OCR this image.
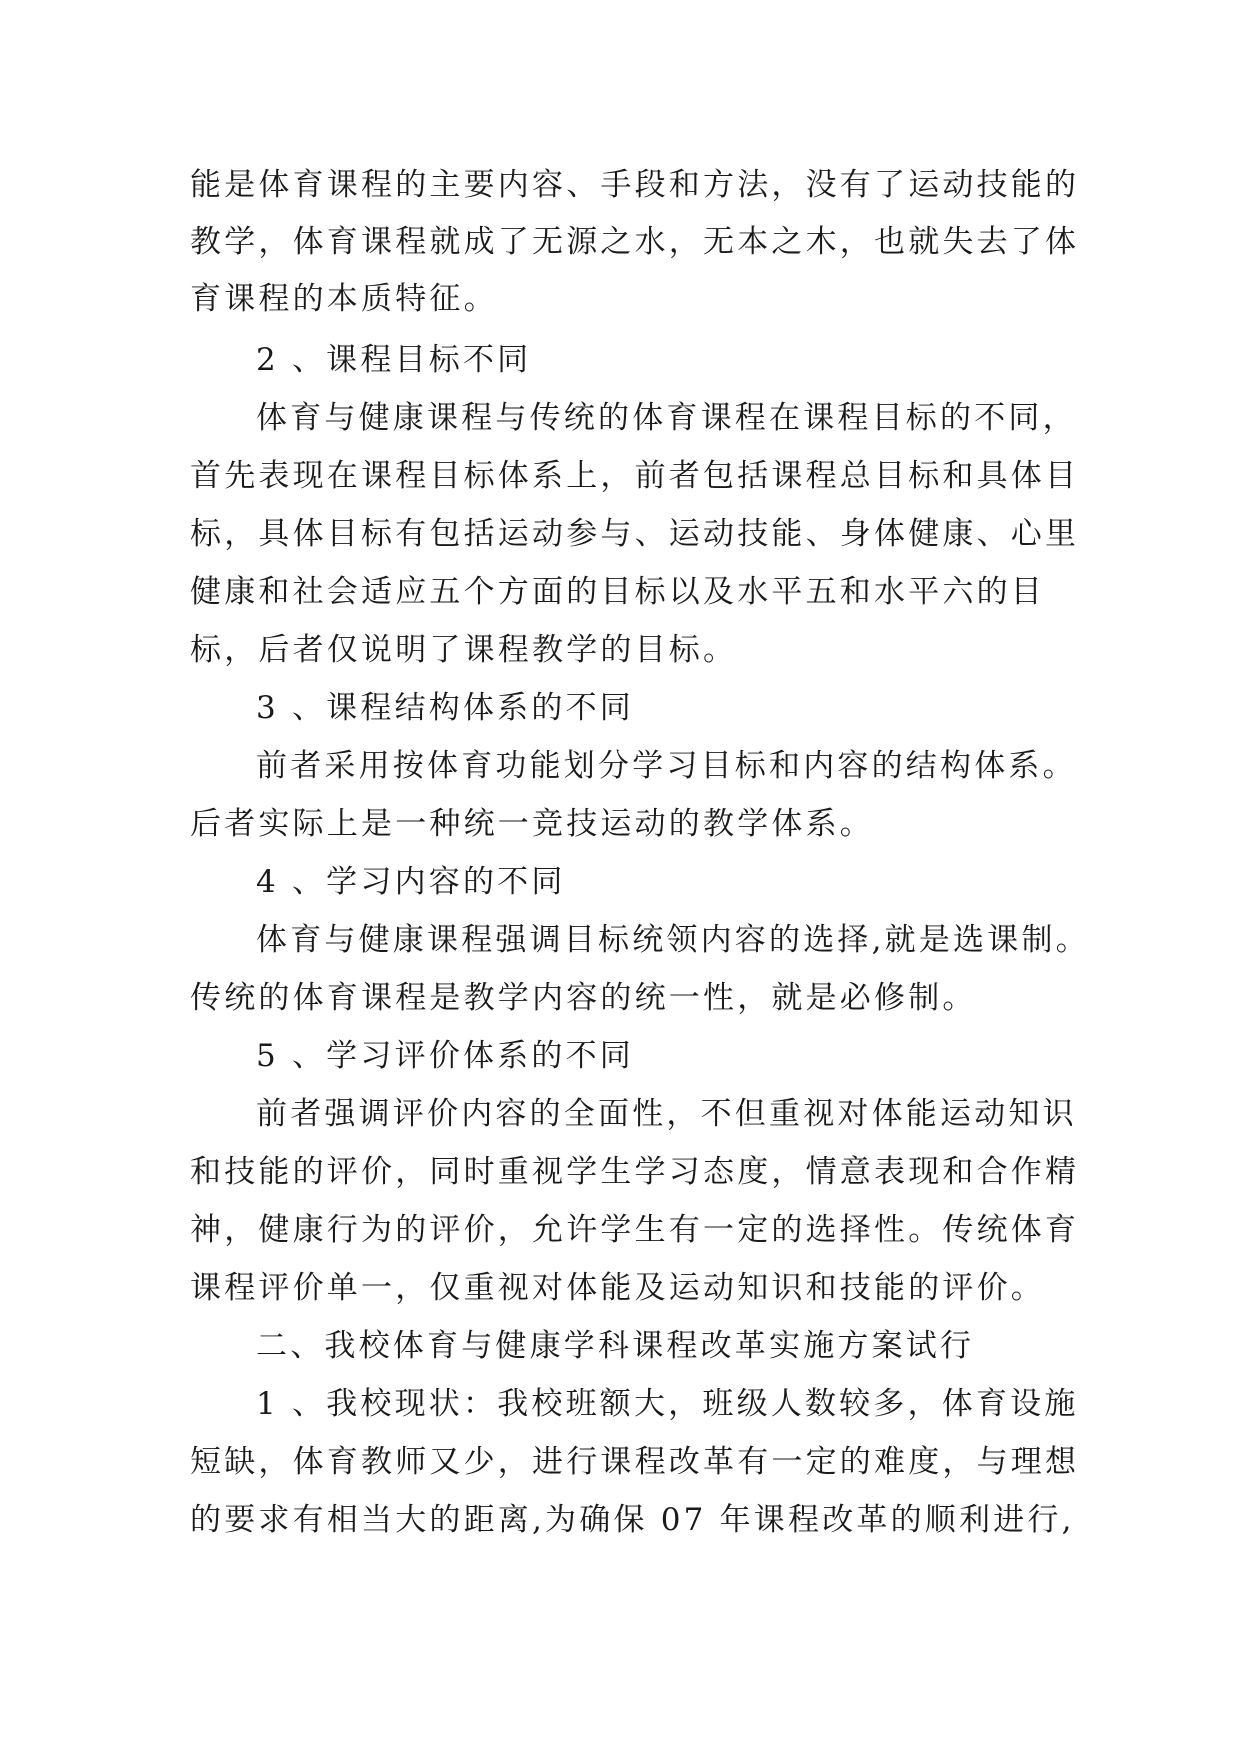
能是体育课程的主要内容、手段和方法，没有了运动技能的
教学，体育课程就成了无源之水，无本之木，也就失去了体
育课程的本质特征。
2 、课程目标不同
体育与健康课程与传统的体育课程在课程目标的不同，
首先表现在课程目标体系上，前者包括课程总目标和具体目
标，具体目标有包括运动参与、运动技能、身体健康、心里
健康和社会适应五个方面的目标以及水平五和水平六的目
标，后者仅说明了课程教学的目标。
3 、课程结构体系的不同
前者采用按体育功能划分学习目标和内容的结构体系。
后者实际上是一种统一竞技运动的教学体系。
4 、学习内容的不同
体育与健康课程强调目标统领内容的选择,就是选课制。
传统的体育课程是教学内容的统一性，就是必修制。
5 、学习评价体系的不同
前者强调评价内容的全面性，不但重视对体能运动知识
和技能的评价，同时重视学生学习态度，情意表现和合作精
神，健康行为的评价，允许学生有一定的选择性。传统体育
课程评价单一，仅重视对体能及运动知识和技能的评价。
二、我校体育与健康学科课程改革实施方案试行
1 、我校现状：我校班额大，班级人数较多，体育设施
短缺，体育教师又少，进行课程改革有一定的难度，与理想
的要求有相当大的距离,为确保 07 年课程改革的顺利进行,
